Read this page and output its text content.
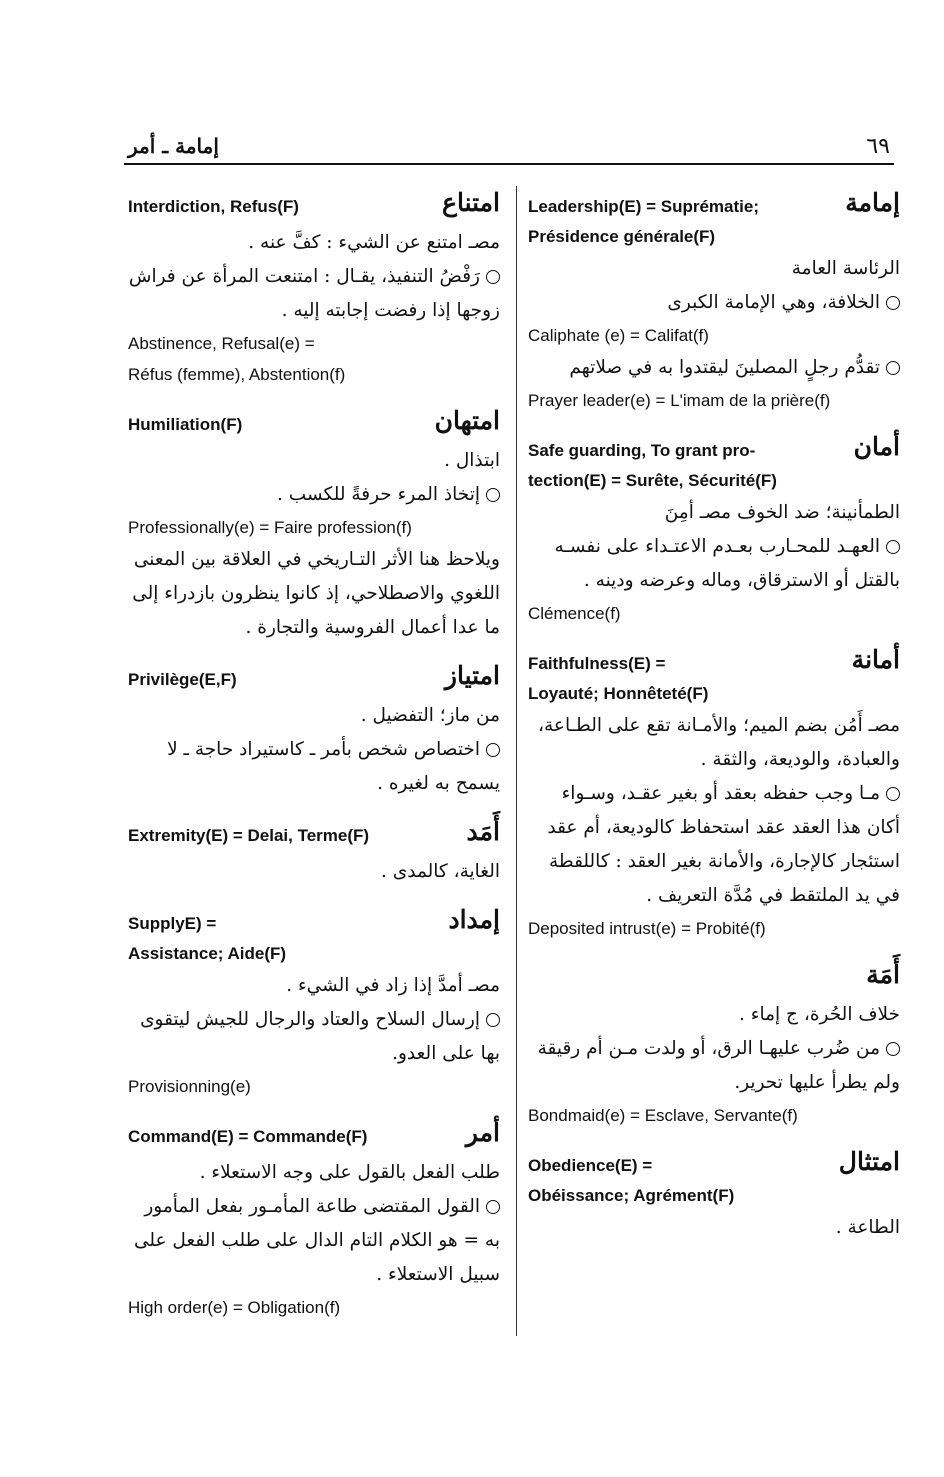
٦٩
إمامة ـ أمر
امتناع
Interdiction, Refus(F)
مصـ امتنع عن الشيء : كفَّ عنه .
رَفْضُ التنفيذ، يقـال : امتنعت المرأة عن فراش زوجها إذا رفضت إجابته إليه .
Abstinence, Refusal(e) =
Réfus (femme), Abstention(f)
امتهان
Humiliation(F)
ابتذال .
إتخاذ المرء حرفةً للكسب .
Professionally(e) = Faire profession(f)
ويلاحظ هنا الأثر التـاريخي في العلاقة بين المعنى اللغوي والاصطلاحي، إذ كانوا ينظرون بازدراء إلى ما عدا أعمال الفروسية والتجارة .
امتياز
Privilège(E,F)
من ماز؛ التفضيل .
اختصاص شخص بأمر ـ كاستيراد حاجة ـ لا يسمح به لغيره .
أَمَد
Extremity(E) = Delai, Terme(F)
الغاية، كالمدى .
إمداد
SupplyE) =
Assistance; Aide(F)
مصـ أمدَّ إذا زاد في الشيء .
إرسال السلاح والعتاد والرجال للجيش ليتقوى بها على العدو.
Provisionning(e)
أمر
Command(E) = Commande(F)
طلب الفعل بالقول على وجه الاستعلاء .
القول المقتضى طاعة المأمـور بفعل المأمور به = هو الكلام التام الدال على طلب الفعل على سبيل الاستعلاء .
High order(e) = Obligation(f)
إمامة
Leadership(E) = Suprématie;
Présidence générale(F)
الرئاسة العامة
الخلافة، وهي الإمامة الكبرى
Caliphate (e) = Califat(f)
تقدُّم رجلٍ المصلينَ ليقتدوا به في صلاتهم
Prayer leader(e) = L'imam de la prière(f)
أمان
Safe guarding, To grant pro-
tection(E) = Surête, Sécurité(F)
الطمأنينة؛ ضد الخوف مصـ أمِنَ
العهـد للمحـارب بعـدم الاعتـداء على نفسـه بالقتل أو الاسترقاق، وماله وعرضه ودينه .
Clémence(f)
أمانة
Faithfulness(E) =
Loyauté; Honnêteté(F)
مصـ أَمُن بضم الميم؛ والأمـانة تقع على الطـاعة، والعبادة، والوديعة، والثقة .
مـا وجب حفظه بعقد أو بغير عقـد، وسـواء أكان هذا العقد عقد استحفاظ كالوديعة، أم عقد استئجار كالإجارة، والأمانة بغير العقد : كاللقطة في يد الملتقط في مُدَّة التعريف .
Deposited intrust(e) = Probité(f)
أَمَة
خلاف الحُرة، ج إماء .
من ضُرب عليهـا الرق، أو ولدت مـن أم رقيقة ولم يطرأ عليها تحرير.
Bondmaid(e) = Esclave, Servante(f)
امتثال
Obedience(E) =
Obéissance; Agrément(F)
الطاعة .
